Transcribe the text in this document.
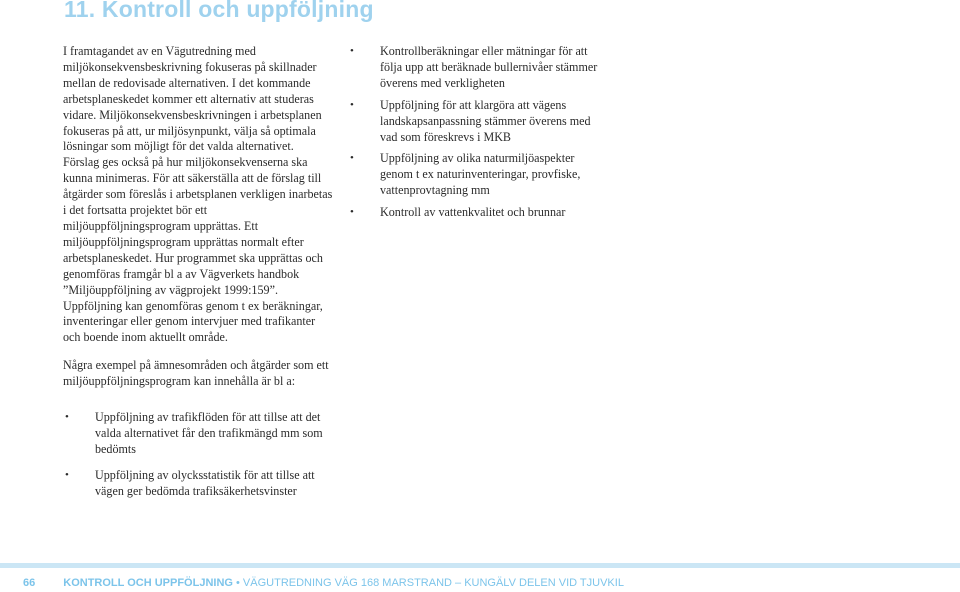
11. Kontroll och uppföljning

I framtagandet av en Vägutredning med miljökonsekvensbeskrivning fokuseras på skillnader mellan de redovisade alternativen. I det kommande arbetsplaneskedet kommer ett alternativ att studeras vidare. Miljökonsekvensbeskrivningen i arbetsplanen fokuseras på att, ur miljösynpunkt, välja så optimala lösningar som möjligt för det valda alternativet. Förslag ges också på hur miljökonsekvenserna ska kunna minimeras. För att säkerställa att de förslag till åtgärder som föreslås i arbetsplanen verkligen inarbetas i det fortsatta projektet bör ett miljöuppföljningsprogram upprättas. Ett miljöuppföljningsprogram upprättas normalt efter arbetsplaneskedet. Hur programmet ska upprättas och genomföras framgår bl a av Vägverkets handbok ”Miljöuppföljning av vägprojekt 1999:159”. Uppföljning kan genomföras genom t ex beräkningar, inventeringar eller genom intervjuer med trafikanter och boende inom aktuellt område.

Några exempel på ämnesområden och åtgärder som ett miljöuppföljningsprogram kan innehålla är bl a:

• Uppföljning av trafikflöden för att tillse att det valda alternativet får den trafikmängd mm som bedömts
• Uppföljning av olycksstatistik för att tillse att vägen ger bedömda trafiksäkerhetsvinster
• Kontrollberäkningar eller mätningar för att följa upp att beräknade bullernivåer stämmer överens med verkligheten
• Uppföljning för att klargöra att vägens landskapsanpassning stämmer överens med vad som föreskrevs i MKB
• Uppföljning av olika naturmiljöaspekter genom t ex naturinventeringar, provfiske, vattenprovtagning mm
• Kontroll av vattenkvalitet och brunnar
66	KONTROLL OCH UPPFÖLJNING • VÄGUTREDNING VÄG 168 MARSTRAND – KUNGÄLV DELEN VID TJUVKIL
